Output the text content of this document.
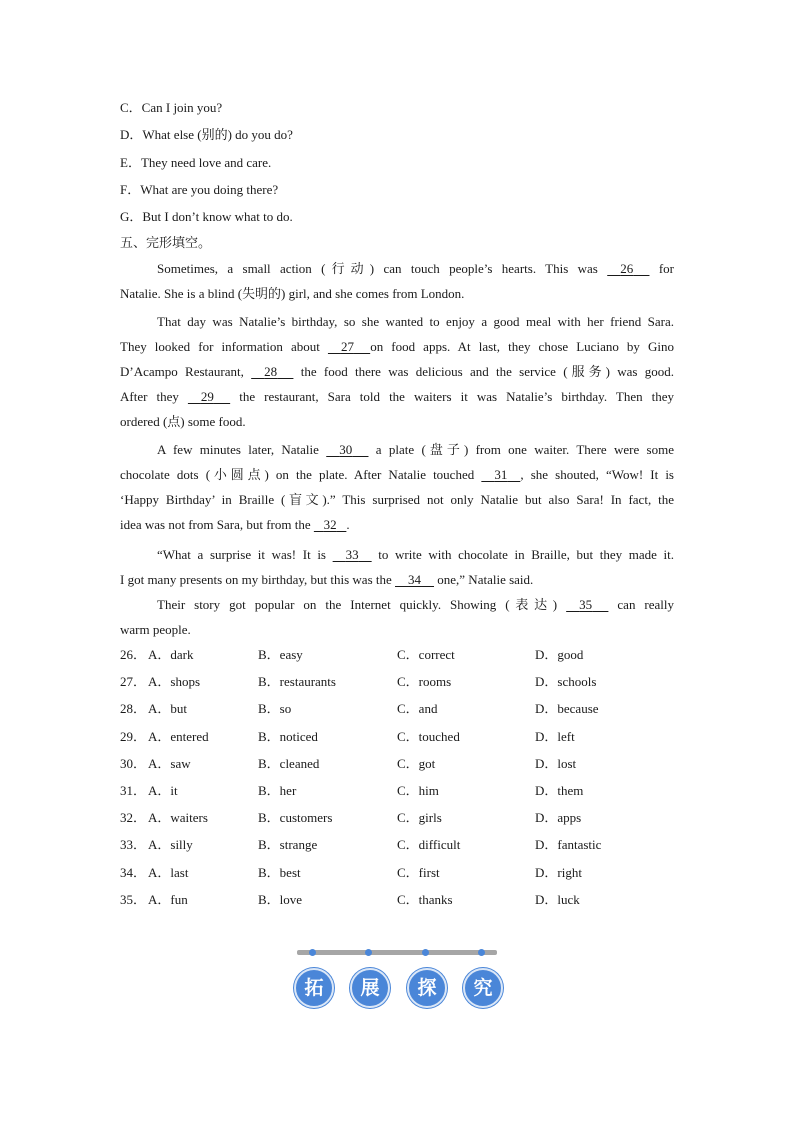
C．Can I join you?
D．What else (别的) do you do?
E．They need love and care.
F．What are you doing there?
G．But I don’t know what to do.
五、完形填空。
Sometimes, a small action (行动) can touch people’s hearts. This was 26 for
Natalie. She is a blind (失明的) girl, and she comes from London.
That day was Natalie’s birthday, so she wanted to enjoy a good meal with her friend Sara.
They looked for information about 27 on food apps. At last, they chose Luciano by Gino
D’Acampo Restaurant, 28 the food there was delicious and the service (服务) was good.
After they 29 the restaurant, Sara told the waiters it was Natalie’s birthday. Then they
ordered (点) some food.
A few minutes later, Natalie 30 a plate (盘子) from one waiter. There were some
chocolate dots (小圆点) on the plate. After Natalie touched 31 , she shouted, “Wow! It is
‘Happy Birthday’ in Braille (盲文).” This surprised not only Natalie but also Sara! In fact, the
idea was not from Sara, but from the 32 .
“What a surprise it was! It is 33 to write with chocolate in Braille, but they made it.
I got many presents on my birthday, but this was the 34 one,” Natalie said.
Their story got popular on the Internet quickly. Showing (表达) 35 can really
warm people.
26． A．dark	B．easy	C．correct	D．good
27． A．shops	B．restaurants	C．rooms	D．schools
28． A．but	B．so	C．and	D．because
29． A．entered	B．noticed	C．touched	D．left
30． A．saw	B．cleaned	C．got	D．lost
31． A．it	B．her	C．him	D．them
32． A．waiters	B．customers	C．girls	D．apps
33． A．silly	B．strange	C．difficult	D．fantastic
34． A．last	B．best	C．first	D．right
35． A．fun	B．love	C．thanks	D．luck
拓	展	探	究
